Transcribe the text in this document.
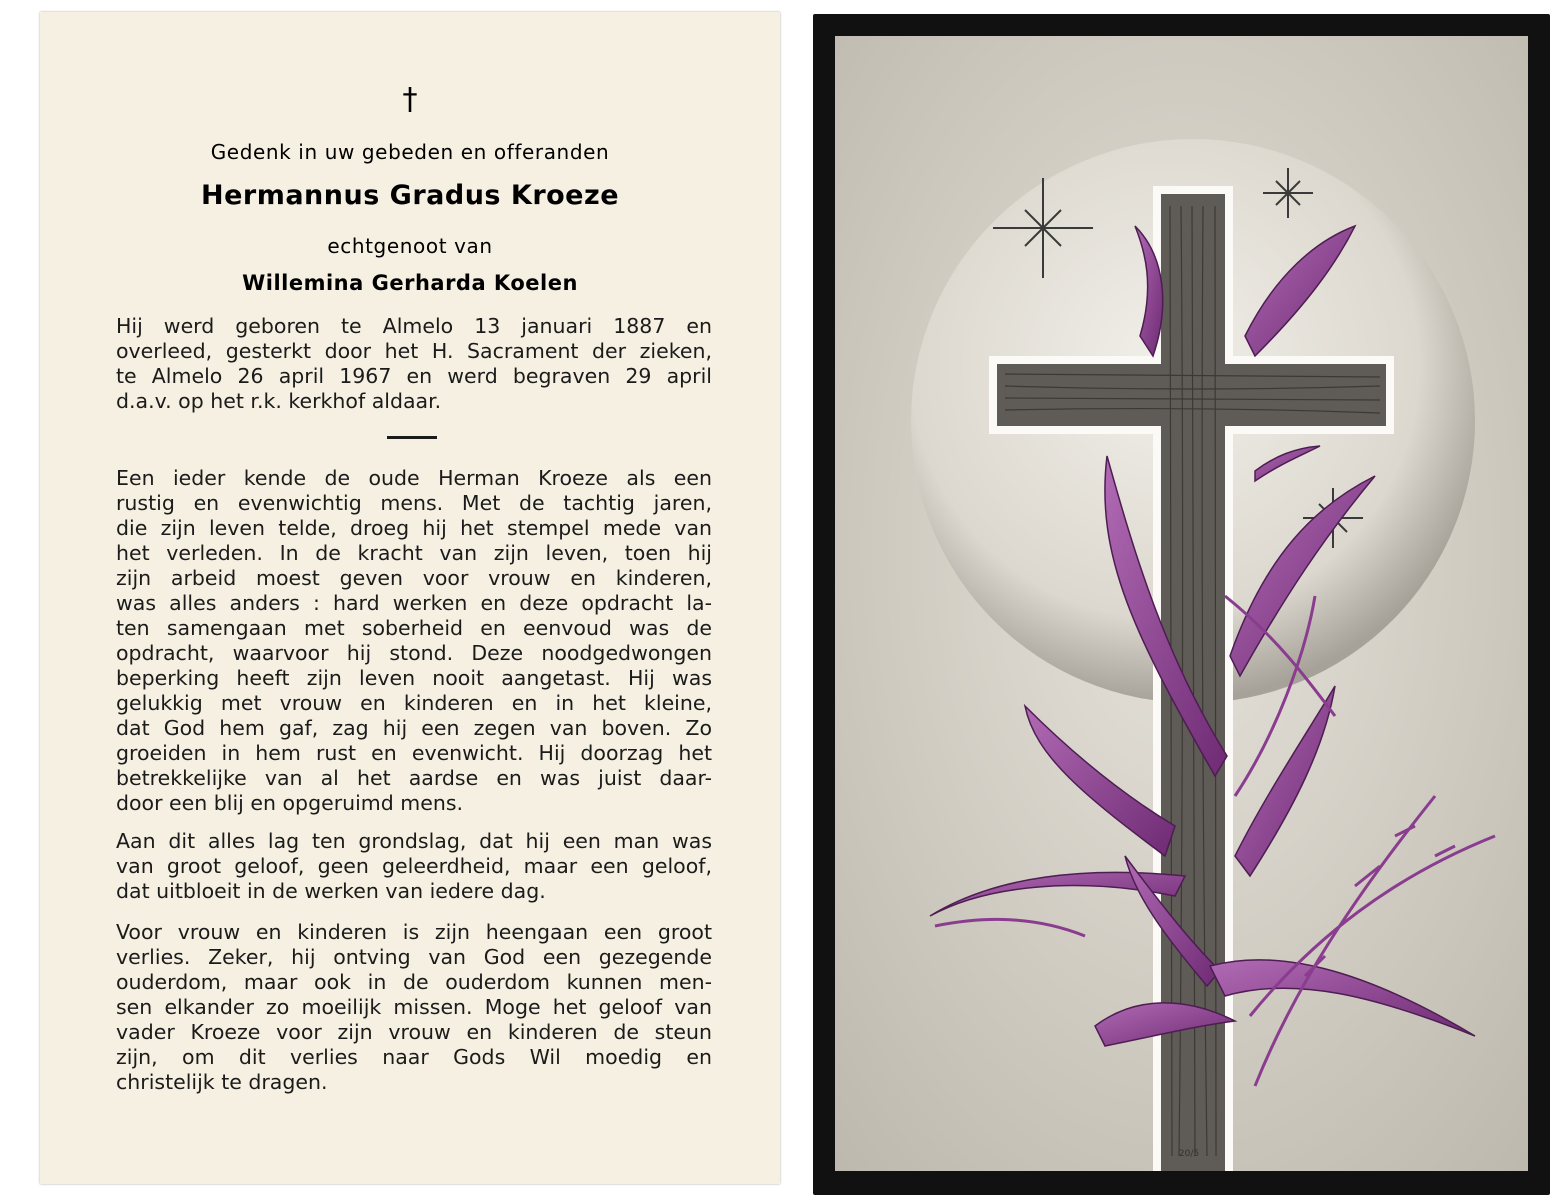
†
Gedenk in uw gebeden en offeranden
Hermannus Gradus Kroeze
echtgenoot van
Willemina Gerharda Koelen
Hij werd geboren te Almelo 13 januari 1887 en
overleed, gesterkt door het H. Sacrament der zieken,
te Almelo 26 april 1967 en werd begraven 29 april
d.a.v. op het r.k. kerkhof aldaar.
Een ieder kende de oude Herman Kroeze als een
rustig en evenwichtig mens. Met de tachtig jaren,
die zijn leven telde, droeg hij het stempel mede van
het verleden. In de kracht van zijn leven, toen hij
zijn arbeid moest geven voor vrouw en kinderen,
was alles anders : hard werken en deze opdracht la-
ten samengaan met soberheid en eenvoud was de
opdracht, waarvoor hij stond. Deze noodgedwongen
beperking heeft zijn leven nooit aangetast. Hij was
gelukkig met vrouw en kinderen en in het kleine,
dat God hem gaf, zag hij een zegen van boven. Zo
groeiden in hem rust en evenwicht. Hij doorzag het
betrekkelijke van al het aardse en was juist daar-
door een blij en opgeruimd mens.
Aan dit alles lag ten grondslag, dat hij een man was
van groot geloof, geen geleerdheid, maar een geloof,
dat uitbloeit in de werken van iedere dag.
Voor vrouw en kinderen is zijn heengaan een groot
verlies. Zeker, hij ontving van God een gezegende
ouderdom, maar ook in de ouderdom kunnen men-
sen elkander zo moeilijk missen. Moge het geloof van
vader Kroeze voor zijn vrouw en kinderen de steun
zijn, om dit verlies naar Gods Wil moedig en
christelijk te dragen.
20/5
